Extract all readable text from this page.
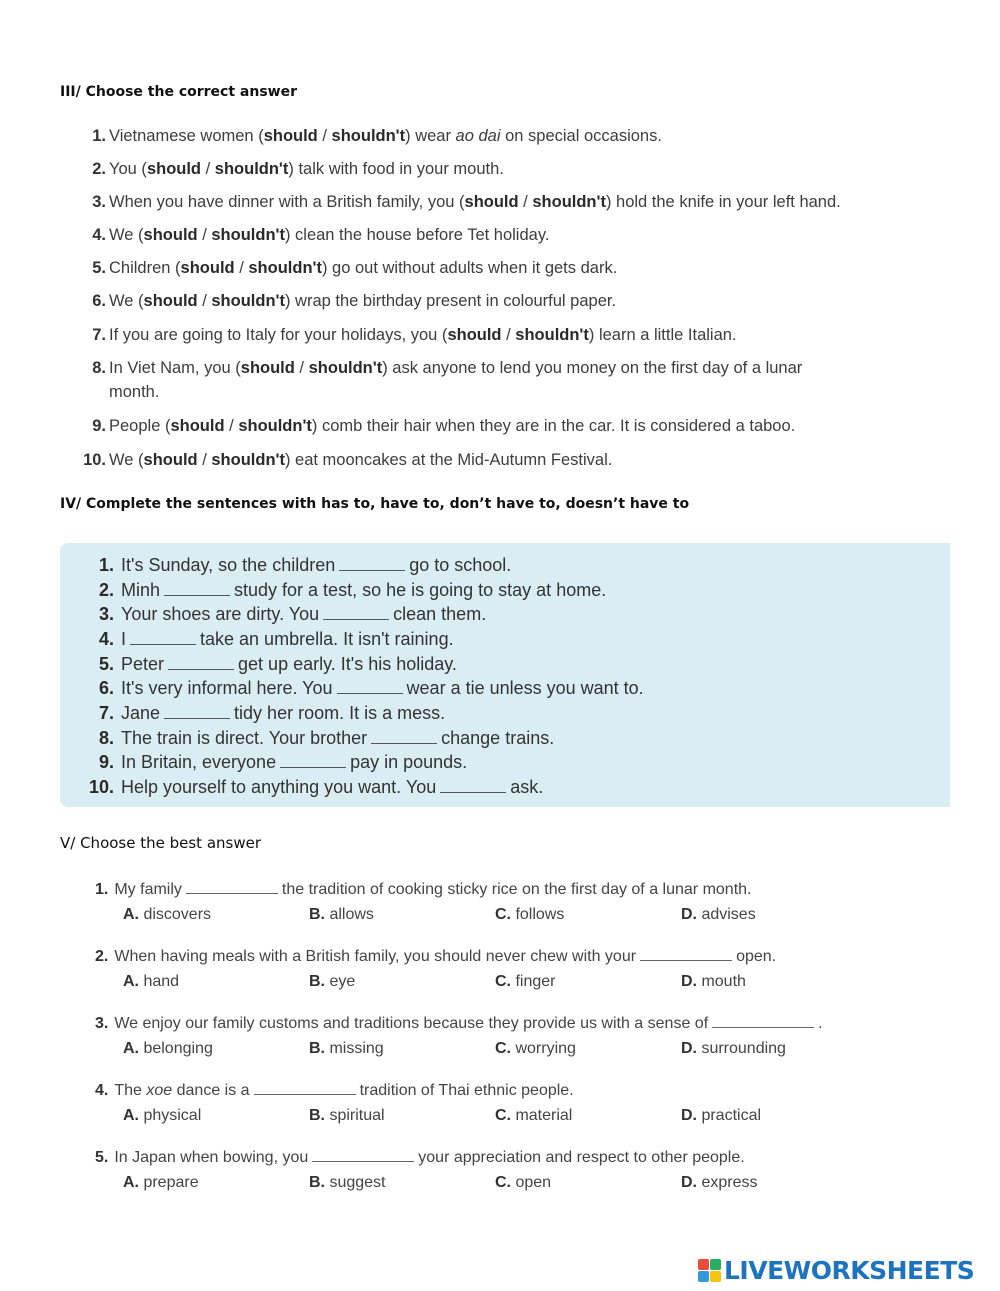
III/ Choose the correct answer
1. Vietnamese women (should / shouldn't) wear ao dai on special occasions.
2. You (should / shouldn't) talk with food in your mouth.
3. When you have dinner with a British family, you (should / shouldn't) hold the knife in your left hand.
4. We (should / shouldn't) clean the house before Tet holiday.
5. Children (should / shouldn't) go out without adults when it gets dark.
6. We (should / shouldn't) wrap the birthday present in colourful paper.
7. If you are going to Italy for your holidays, you (should / shouldn't) learn a little Italian.
8. In Viet Nam, you (should / shouldn't) ask anyone to lend you money on the first day of a lunar
month.
9. People (should / shouldn't) comb their hair when they are in the car. It is considered a taboo.
10. We (should / shouldn't) eat mooncakes at the Mid-Autumn Festival.
IV/ Complete the sentences with has to, have to, don’t have to, doesn’t have to
1. It's Sunday, so the children	go to school.
2. Minh	study for a test, so he is going to stay at home.
3. Your shoes are dirty. You	clean them.
4. I	take an umbrella. It isn't raining.
5. Peter	get up early. It's his holiday.
6. It's very informal here. You	wear a tie unless you want to.
7. Jane	tidy her room. It is a mess.
8. The train is direct. Your brother	change trains.
9. In Britain, everyone	pay in pounds.
10. Help yourself to anything you want. You	ask.
V/ Choose the best answer
1. My family	the tradition of cooking sticky rice on the first day of a lunar month.
A. discovers	B. allows	C. follows	D. advises
2. When having meals with a British family, you should never chew with your	open.
A. hand	B. eye	C. finger	D. mouth
3. We enjoy our family customs and traditions because they provide us with a sense of	.
A. belonging	B. missing	C. worrying	D. surrounding
4. The xoe dance is a	tradition of Thai ethnic people.
A. physical	B. spiritual	C. material	D. practical
5. In Japan when bowing, you	your appreciation and respect to other people.
A. prepare	B. suggest	C. open	D. express
LIVEWORKSHEETS
